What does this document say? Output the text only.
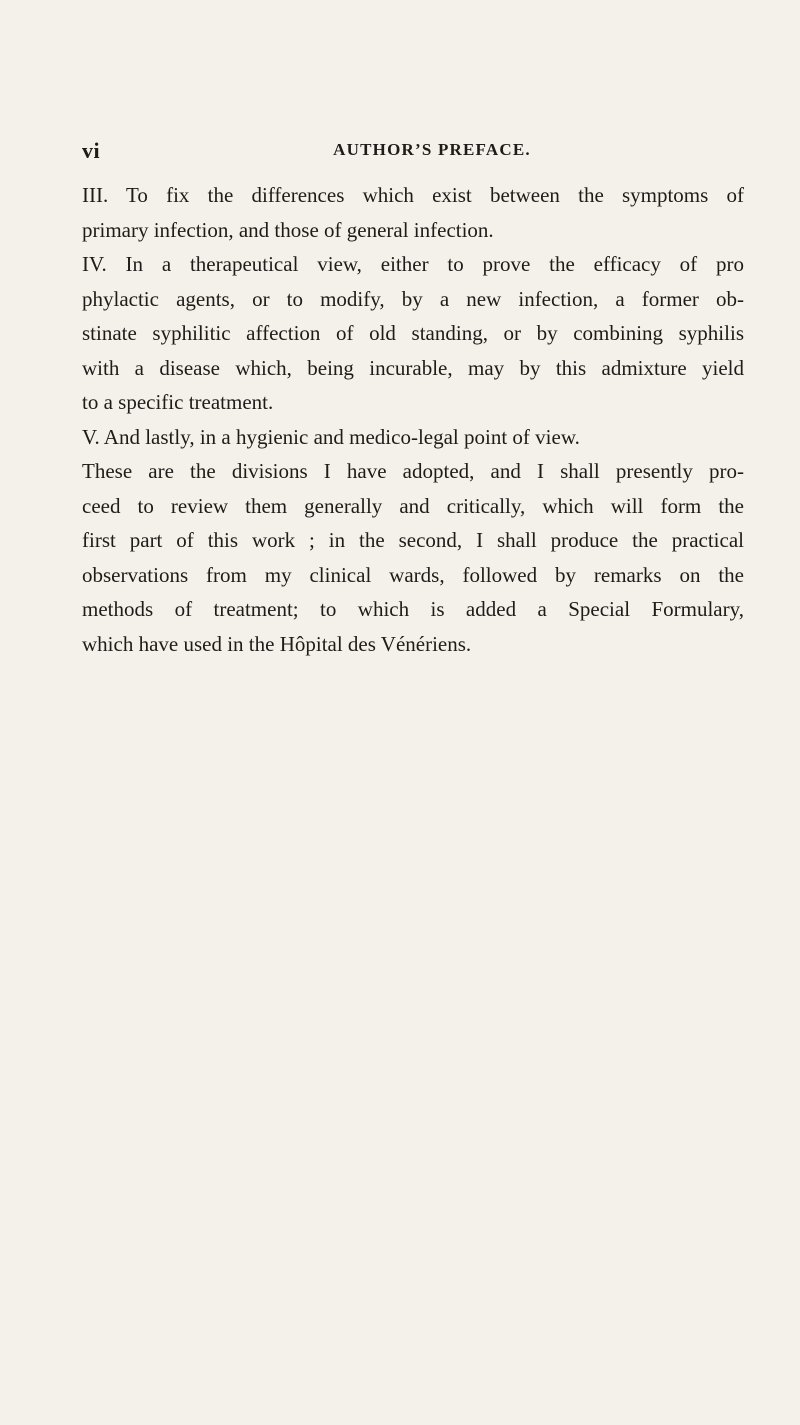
vi	AUTHOR’S PREFACE.
III. To fix the differences which exist between the symptoms of
primary infection, and those of general infection.
IV. In a therapeutical view, either to prove the efficacy of pro
phylactic agents, or to modify, by a new infection, a former ob-
stinate syphilitic affection of old standing, or by combining syphilis
with a disease which, being incurable, may by this admixture yield
to a specific treatment.
V. And lastly, in a hygienic and medico-legal point of view.
These are the divisions I have adopted, and I shall presently pro-
ceed to review them generally and critically, which will form the
first part of this work ; in the second, I shall produce the practical
observations from my clinical wards, followed by remarks on the
methods of treatment; to which is added a Special Formulary,
which have used in the Hôpital des Vénériens.
